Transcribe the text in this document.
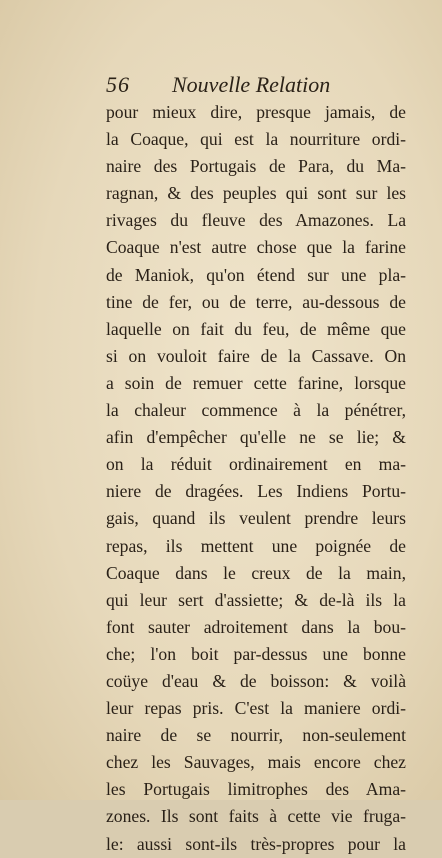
56 Nouvelle Relation
pour mieux dire, presque jamais, de
la Coaque, qui est la nourriture ordi-
naire des Portugais de Para, du Ma-
ragnan, & des peuples qui sont sur les
rivages du fleuve des Amazones. La
Coaque n'est autre chose que la farine
de Maniok, qu'on étend sur une pla-
tine de fer, ou de terre, au-dessous de
laquelle on fait du feu, de même que
si on vouloit faire de la Cassave. On
a soin de remuer cette farine, lorsque
la chaleur commence à la pénétrer,
afin d'empêcher qu'elle ne se lie; &
on la réduit ordinairement en ma-
niere de dragées. Les Indiens Portu-
gais, quand ils veulent prendre leurs
repas, ils mettent une poignée de
Coaque dans le creux de la main,
qui leur sert d'assiette; & de-là ils la
font sauter adroitement dans la bou-
che; l'on boit par-dessus une bonne
coüye d'eau & de boisson: & voilà
leur repas pris. C'est la maniere ordi-
naire de se nourrir, non-seulement
chez les Sauvages, mais encore chez
les Portugais limitrophes des Ama-
zones. Ils sont faits à cette vie fruga-
le: aussi sont-ils très-propres pour la
